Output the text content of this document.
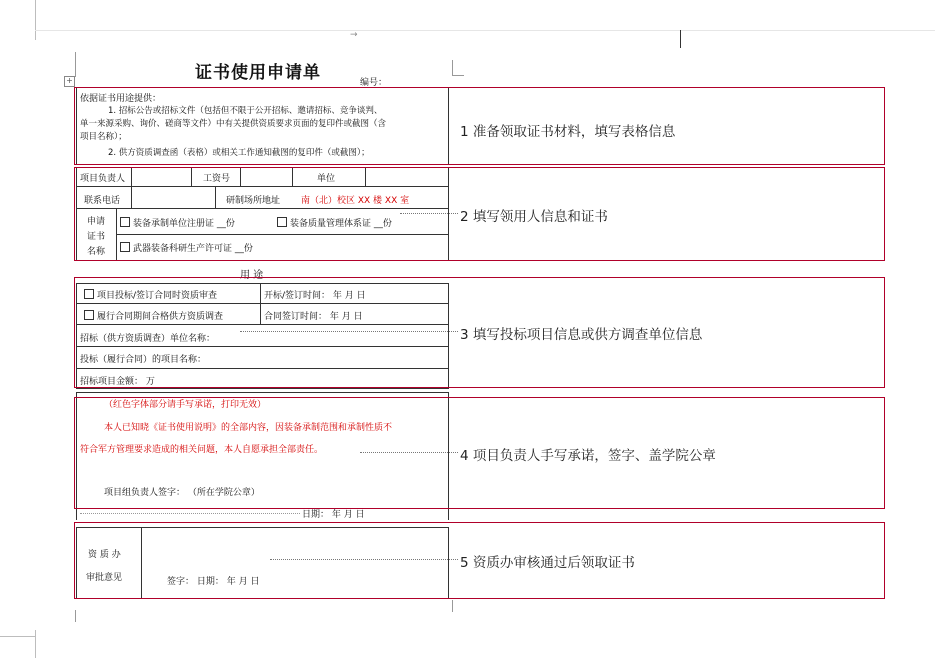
→
+	证书使用申请单	编号：
依据证书用途提供：
1. 招标公告或招标文件（包括但不限于公开招标、邀请招标、竞争谈判、
单一来源采购、询价、磋商等文件）中有关提供资质要求页面的复印件或截图（含
项目名称）；
2. 供方资质调查函（表格）或相关工作通知截图的复印件（或截图）；
项目负责人	工资号	单位
联系电话	研制场所地址 南（北）校区 XX 楼 XX 室
申请
证书
名称
装备承制单位注册证 __份	装备质量管理体系证 __份
武器装备科研生产许可证 __份
用 途
项目投标/签订合同时资质审查	开标/签订时间： 年 月 日
履行合同期间合格供方资质调查	合同签订时间： 年 月 日
招标（供方资质调查）单位名称：
投标（履行合同）的项目名称：
招标项目金额： 万
（红色字体部分请手写承诺，打印无效）
本人已知晓《证书使用说明》的全部内容，因装备承制范围和承制性质不
符合军方管理要求造成的相关问题，本人自愿承担全部责任。
项目组负责人签字： （所在学院公章）
日期： 年 月 日
资 质 办
审批意见	签字： 日期： 年 月 日
1 准备领取证书材料，填写表格信息
2 填写领用人信息和证书
3 填写投标项目信息或供方调查单位信息
4 项目负责人手写承诺，签字、盖学院公章
5 资质办审核通过后领取证书
